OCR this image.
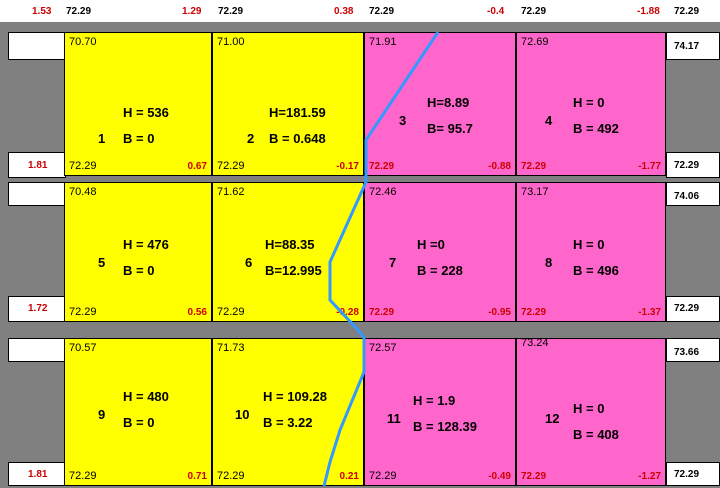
1.53 72.29	1.29 72.29	0.38 72.29	-0.4 72.29	-1.88 72.29
1.81
1.72
1.81
74.17
72.29
74.06
72.29
73.66
72.29
70.70
1
H = 536
B = 0
72.29	0.67
71.00
2
H=181.59
B = 0.648
72.29	-0.17
71.91
3
H=8.89
B= 95.7
72.29	-0.88
72.69
4
H = 0
B = 492
72.29	-1.77
70.48
5
H = 476
B = 0
72.29	0.56
71.62
6
H=88.35
B=12.995
72.29	-0.28
72.46
7
H =0
B = 228
72.29	-0.95
73.17
8
H = 0
B = 496
72.29	-1.37
70.57
9
H = 480
B = 0
72.29	0.71
71.73
10
H = 109.28
B = 3.22
72.29	0.21
72.57
11
H = 1.9
B = 128.39
72.29	-0.49
73.24
12
H = 0
B = 408
72.29	-1.27
